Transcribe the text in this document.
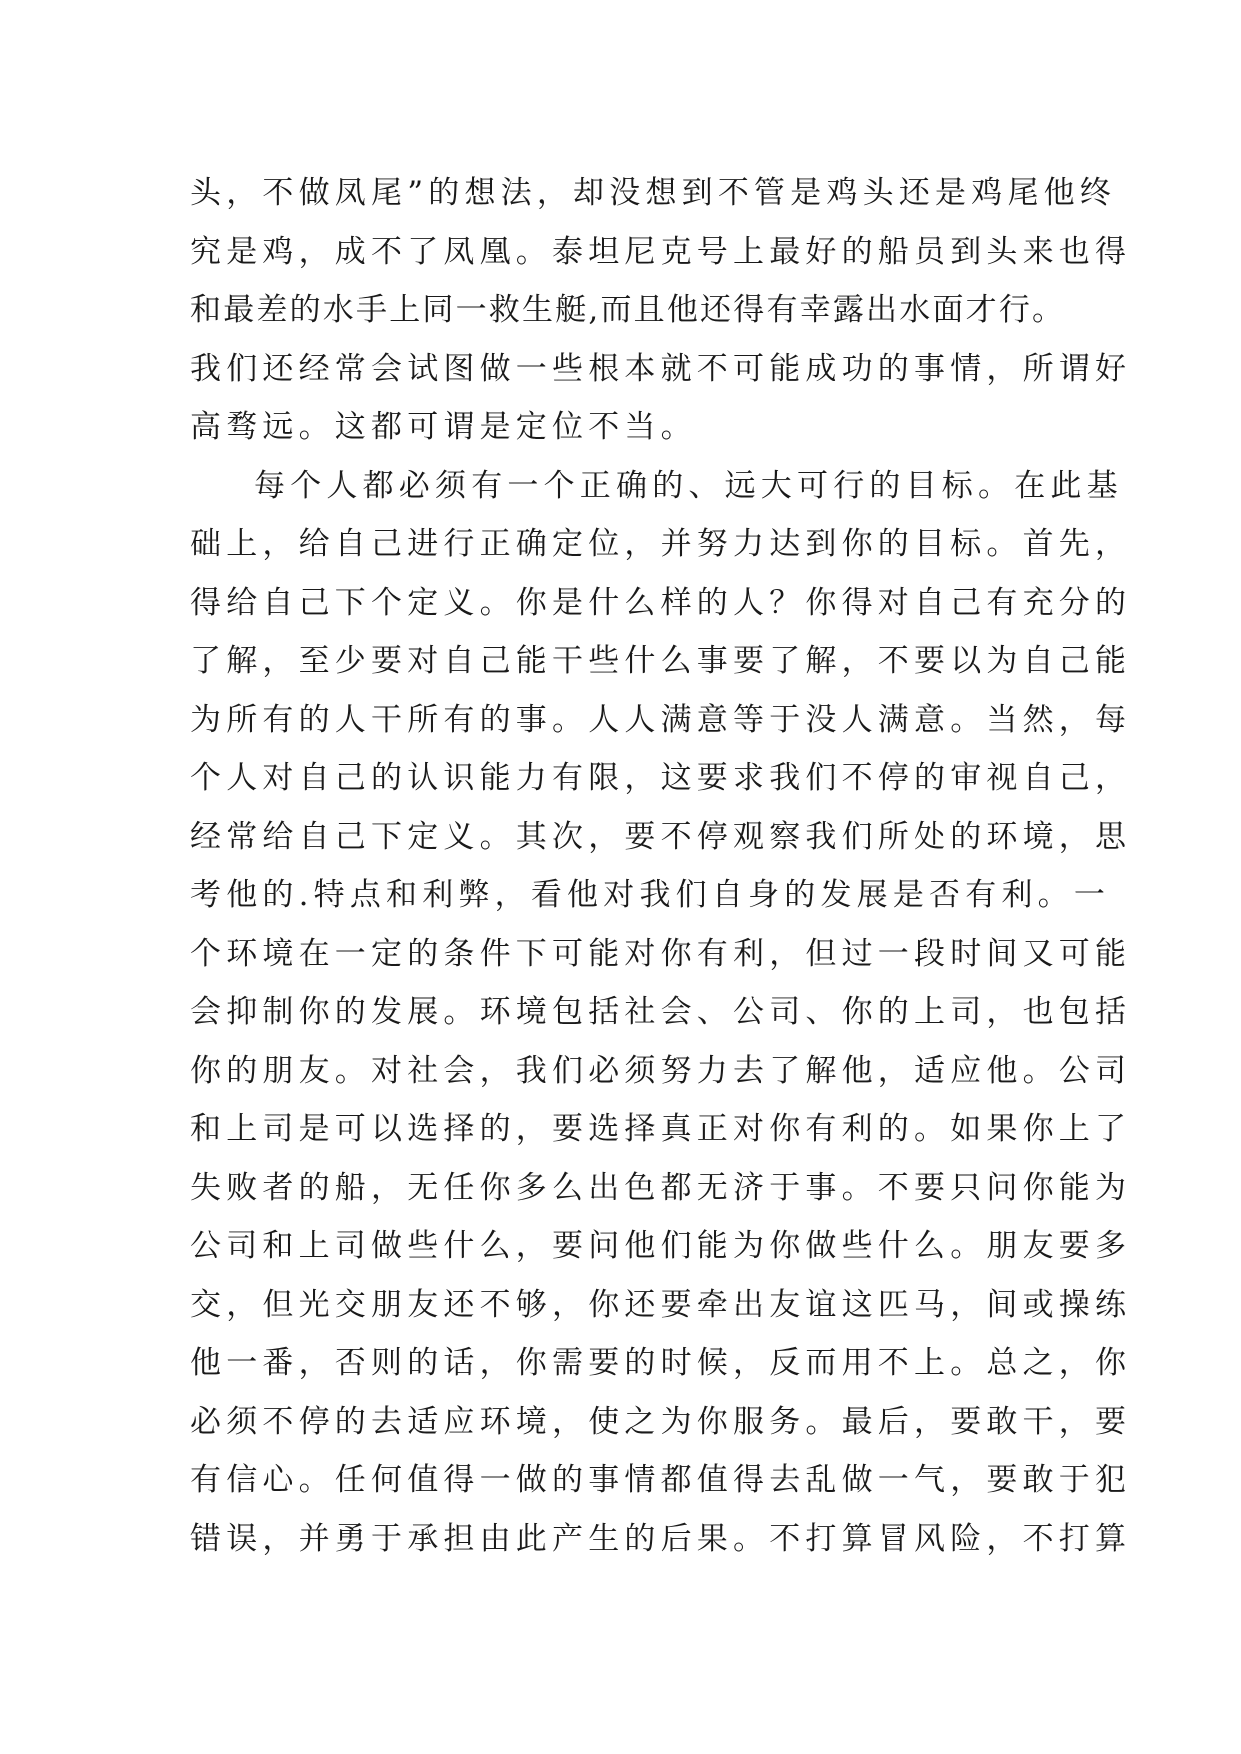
头，不做凤尾”的想法，却没想到不管是鸡头还是鸡尾他终
究是鸡，成不了凤凰。泰坦尼克号上最好的船员到头来也得
和最差的水手上同一救生艇,而且他还得有幸露出水面才行。
我们还经常会试图做一些根本就不可能成功的事情，所谓好
高骛远。这都可谓是定位不当。
每个人都必须有一个正确的、远大可行的目标。在此基
础上，给自己进行正确定位，并努力达到你的目标。首先，
得给自己下个定义。你是什么样的人？你得对自己有充分的
了解，至少要对自己能干些什么事要了解，不要以为自己能
为所有的人干所有的事。人人满意等于没人满意。当然，每
个人对自己的认识能力有限，这要求我们不停的审视自己，
经常给自己下定义。其次，要不停观察我们所处的环境，思
考他的.特点和利弊，看他对我们自身的发展是否有利。一
个环境在一定的条件下可能对你有利，但过一段时间又可能
会抑制你的发展。环境包括社会、公司、你的上司，也包括
你的朋友。对社会，我们必须努力去了解他，适应他。公司
和上司是可以选择的，要选择真正对你有利的。如果你上了
失败者的船，无任你多么出色都无济于事。不要只问你能为
公司和上司做些什么，要问他们能为你做些什么。朋友要多
交，但光交朋友还不够，你还要牵出友谊这匹马，间或操练
他一番，否则的话，你需要的时候，反而用不上。总之，你
必须不停的去适应环境，使之为你服务。最后，要敢干，要
有信心。任何值得一做的事情都值得去乱做一气，要敢于犯
错误，并勇于承担由此产生的后果。不打算冒风险，不打算
